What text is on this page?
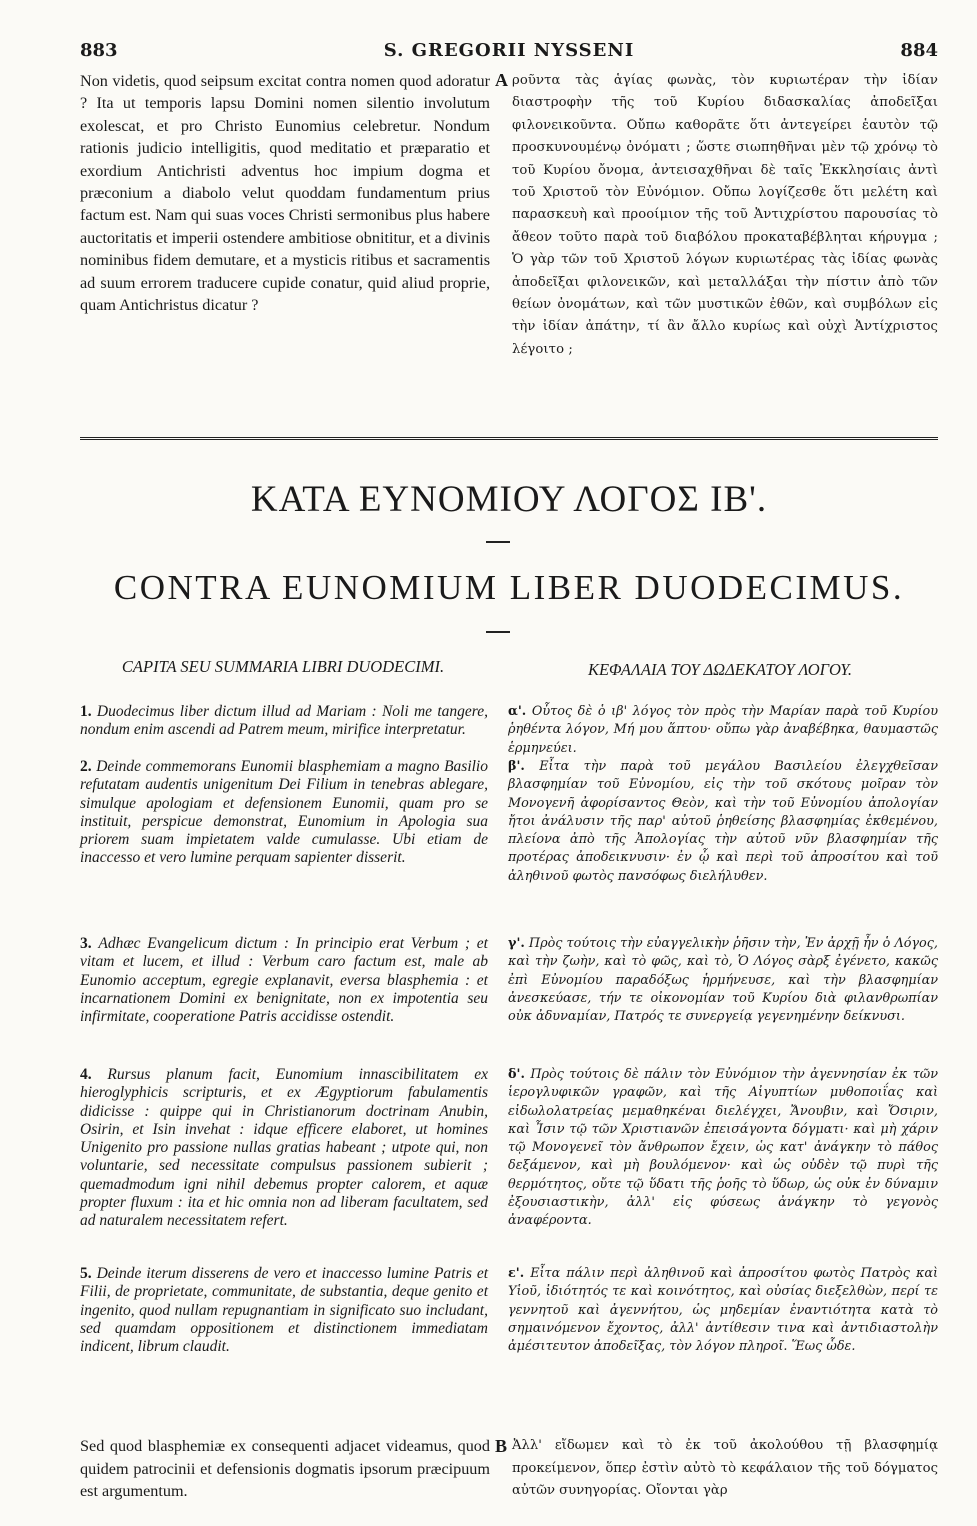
883	S. GREGORII NYSSENI	884

Non videtis, quod seipsum excitat contra nomen quod adoratur ? Ita ut temporis lapsu Domini nomen silentio involutum exolescat, et pro Christo Eunomius celebretur. Nondum rationis judicio intelligitis, quod meditatio et præparatio et exordium Antichristi adventus hoc impium dogma et præconium a diabolo velut quoddam fundamentum prius factum est. Nam qui suas voces Christi sermonibus plus habere auctoritatis et imperii ostendere ambitiose obnititur, et a divinis nominibus fidem demutare, et a mysticis ritibus et sacramentis ad suum errorem traducere cupide conatur, quid aliud proprie, quam Antichristus dicatur ?

A ροῦντα τὰς ἁγίας φωνὰς, τὸν κυριωτέραν τὴν ἰδίαν διαστροφὴν τῆς τοῦ Κυρίου διδασκαλίας ἀποδεῖξαι φιλονεικοῦντα. Οὔπω καθορᾶτε ὅτι ἀντεγείρει ἑαυτὸν τῷ προσκυνουμένῳ ὀνόματι ; ὥστε σιωπηθῆναι μὲν τῷ χρόνῳ τὸ τοῦ Κυρίου ὄνομα, ἀντεισαχθῆναι δὲ ταῖς Ἐκκλησίαις ἀντὶ τοῦ Χριστοῦ τὸν Εὐνόμιον. Οὔπω λογίζεσθε ὅτι μελέτη καὶ παρασκευὴ καὶ προοίμιον τῆς τοῦ Ἀντιχρίστου παρουσίας τὸ ἄθεον τοῦτο παρὰ τοῦ διαβόλου προκαταβέβληται κήρυγμα ; Ὁ γὰρ τῶν τοῦ Χριστοῦ λόγων κυριωτέρας τὰς ἰδίας φωνὰς ἀποδεῖξαι φιλονεικῶν, καὶ μεταλλάξαι τὴν πίστιν ἀπὸ τῶν θείων ὀνομάτων, καὶ τῶν μυστικῶν ἐθῶν, καὶ συμβόλων εἰς τὴν ἰδίαν ἀπάτην, τί ἂν ἄλλο κυρίως καὶ οὐχὶ Ἀντίχριστος λέγοιτο ;

ΚΑΤΑ ΕΥΝΟΜΙΟΥ ΛΟΓΟΣ ΙΒ'.
CONTRA EUNOMIUM LIBER DUODECIMUS.
CAPITA SEU SUMMARIA LIBRI DUODECIMI.	ΚΕΦΑΛΑΙΑ ΤΟΥ ΔΩΔΕΚΑΤΟΥ ΛΟΓΟΥ.
1. Duodecimus liber dictum illud ad Mariam : Noli me tangere, nondum enim ascendi ad Patrem meum, mirifice interpretatur.
2. Deinde commemorans Eunomii blasphemiam a magno Basilio refutatam audentis unigenitum Dei Filium in tenebras ablegare, simulque apologiam et defensionem Eunomii, quam pro se instituit, perspicue demonstrat, Eunomium in Apologia sua priorem suam impietatem valde cumulasse. Ubi etiam de inaccesso et vero lumine perquam sapienter disserit.
3. Adhæc Evangelicum dictum : In principio erat Verbum ; et vitam et lucem, et illud : Verbum caro factum est, male ab Eunomio acceptum, egregie explanavit, eversa blasphemia : et incarnationem Domini ex benignitate, non ex impotentia seu infirmitate, cooperatione Patris accidisse ostendit.
4. Rursus planum facit, Eunomium innascibilitatem ex hieroglyphicis scripturis, et ex Ægyptiorum fabulamentis didicisse : quippe qui in Christianorum doctrinam Anubin, Osirin, et Isin invehat : idque efficere elaboret, ut homines Unigenito pro passione nullas gratias habeant ; utpote qui, non voluntarie, sed necessitate compulsus passionem subierit ; quemadmodum igni nihil debemus propter calorem, et aquæ propter fluxum : ita et hic omnia non ad liberam facultatem, sed ad naturalem necessitatem refert.
5. Deinde iterum disserens de vero et inaccesso lumine Patris et Filii, de proprietate, communitate, de substantia, deque genito et ingenito, quod nullam repugnantiam in significato suo includant, sed quamdam oppositionem et distinctionem immediatam indicent, librum claudit.
α'. Οὗτος δὲ ὁ ιβ' λόγος τὸν πρὸς τὴν Μαρίαν παρὰ τοῦ Κυρίου ῥηθέντα λόγον, Μή μου ἅπτου· οὔπω γὰρ ἀναβέβηκα, θαυμαστῶς ἑρμηνεύει.
β'. Εἶτα τὴν παρὰ τοῦ μεγάλου Βασιλείου ἐλεγχθεῖσαν βλασφημίαν τοῦ Εὐνομίου, εἰς τὴν τοῦ σκότους μοῖραν τὸν Μονογενῆ ἀφορίσαντος Θεὸν, καὶ τὴν τοῦ Εὐνομίου ἀπολογίαν ἤτοι ἀνάλυσιν τῆς παρ' αὐτοῦ ῥηθείσης βλασφημίας ἐκθεμένου, πλείονα ἀπὸ τῆς Ἀπολογίας τὴν αὐτοῦ νῦν βλασφημίαν τῆς προτέρας ἀποδεικνυσιν· ἐν ᾧ καὶ περὶ τοῦ ἀπροσίτου καὶ τοῦ ἀληθινοῦ φωτὸς πανσόφως διελήλυθεν.
γ'. Πρὸς τούτοις τὴν εὐαγγελικὴν ῥῆσιν τὴν, Ἐν ἀρχῇ ἦν ὁ Λόγος, καὶ τὴν ζωὴν, καὶ τὸ φῶς, καὶ τὸ, Ὁ Λόγος σὰρξ ἐγένετο, κακῶς ἐπὶ Εὐνομίου παραδόξως ἡρμήνευσε, καὶ τὴν βλασφημίαν ἀνεσκεύασε, τήν τε οἰκονομίαν τοῦ Κυρίου διὰ φιλανθρωπίαν οὐκ ἀδυναμίαν, Πατρός τε συνεργείᾳ γεγενημένην δείκνυσι.
δ'. Πρὸς τούτοις δὲ πάλιν τὸν Εὐνόμιον τὴν ἀγεννησίαν ἐκ τῶν ἱερογλυφικῶν γραφῶν, καὶ τῆς Αἰγυπτίων μυθοποιΐας καὶ εἰδωλολατρείας μεμαθηκέναι διελέγχει, Ἄνουβιν, καὶ Ὄσιριν, καὶ Ἶσιν τῷ τῶν Χριστιανῶν ἐπεισάγοντα δόγματι· καὶ μὴ χάριν τῷ Μονογενεῖ τὸν ἄνθρωπον ἔχειν, ὡς κατ' ἀνάγκην τὸ πάθος δεξάμενον, καὶ μὴ βουλόμενον· καὶ ὡς οὐδὲν τῷ πυρὶ τῆς θερμότητος, οὔτε τῷ ὕδατι τῆς ῥοῆς τὸ ὕδωρ, ὡς οὐκ ἐν δύναμιν ἐξουσιαστικὴν, ἀλλ' εἰς φύσεως ἀνάγκην τὸ γεγονὸς ἀναφέροντα.
ε'. Εἶτα πάλιν περὶ ἀληθινοῦ καὶ ἀπροσίτου φωτὸς Πατρὸς καὶ Υἱοῦ, ἰδιότητός τε καὶ κοινότητος, καὶ οὐσίας διεξελθὼν, περί τε γεννητοῦ καὶ ἀγεννήτου, ὡς μηδεμίαν ἐναντιότητα κατὰ τὸ σημαινόμενον ἔχοντος, ἀλλ' ἀντίθεσιν τινα καὶ ἀντιδιαστολὴν ἀμέσιτευτον ἀποδεῖξας, τὸν λόγον πληροῖ. Ἕως ὧδε.
Sed quod blasphemiæ ex consequenti adjacet videamus, quod quidem patrocinii et defensionis dogmatis ipsorum præcipuum est argumentum.
B Ἀλλ' εἴδωμεν καὶ τὸ ἐκ τοῦ ἀκολούθου τῇ βλασφημίᾳ προκείμενον, ὅπερ ἐστὶν αὐτὸ τὸ κεφάλαιον τῆς τοῦ δόγματος αὐτῶν συνηγορίας. Οἴονται γὰρ
